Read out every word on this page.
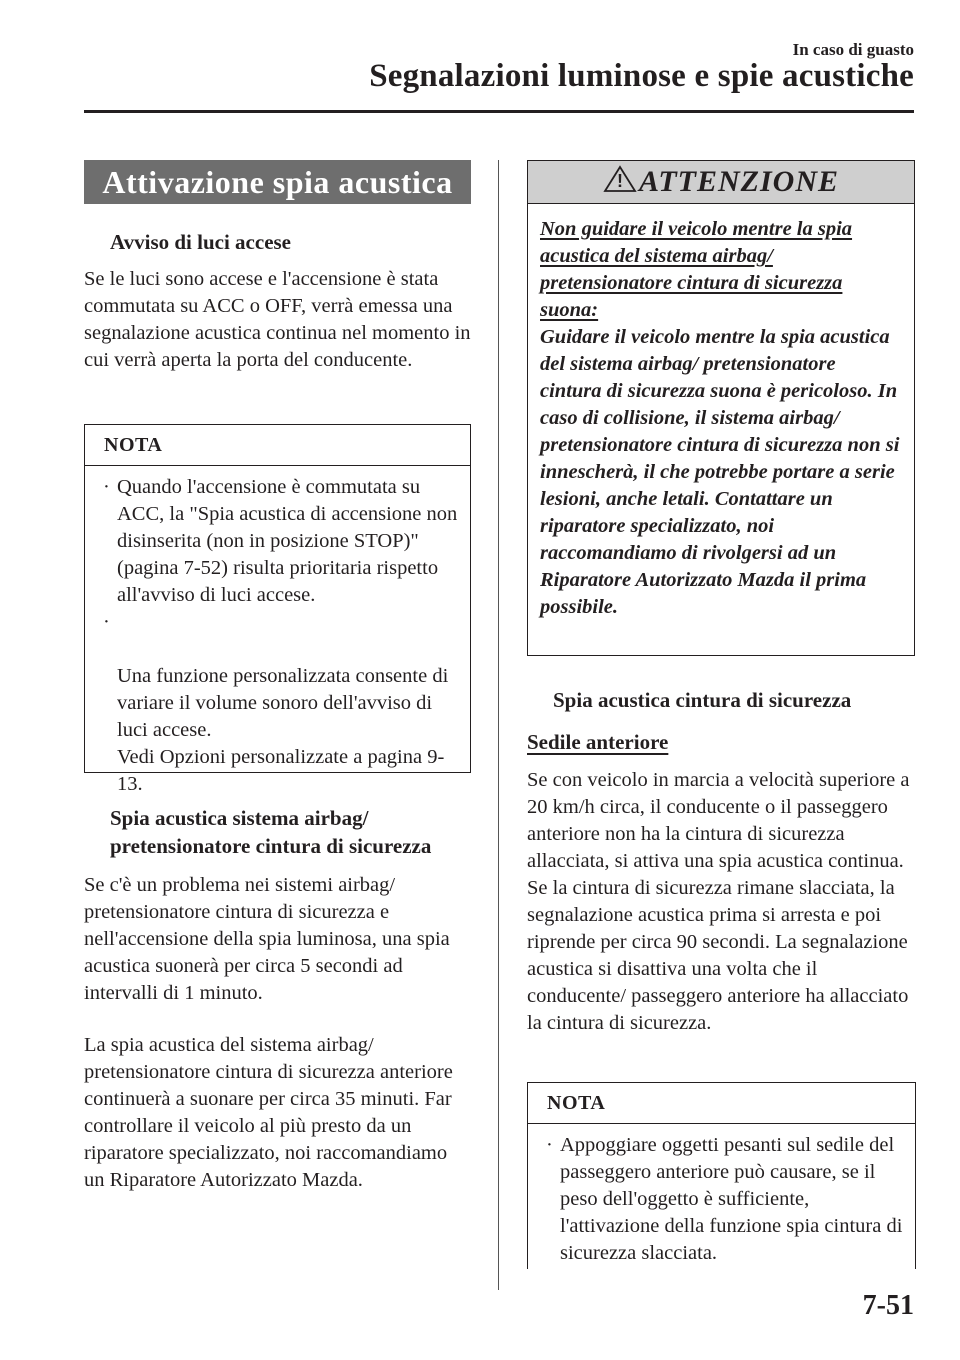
In caso di guasto
Segnalazioni luminose e spie acustiche
Attivazione spia acustica
Avviso di luci accese
Se le luci sono accese e l'accensione è stata commutata su ACC o OFF, verrà emessa una segnalazione acustica continua nel momento in cui verrà aperta la porta del conducente.
NOTA
· Quando l'accensione è commutata su ACC, la "Spia acustica di accensione non disinserita (non in posizione STOP)" (pagina 7-52) risulta prioritaria rispetto all'avviso di luci accese.

·

Una funzione personalizzata consente di variare il volume sonoro dell'avviso di luci accese.
Vedi Opzioni personalizzate a pagina 9-13.

Spia acustica sistema airbag/ pretensionatore cintura di sicurezza
Se c'è un problema nei sistemi airbag/ pretensionatore cintura di sicurezza e nell'accensione della spia luminosa, una spia acustica suonerà per circa 5 secondi ad intervalli di 1 minuto.
La spia acustica del sistema airbag/ pretensionatore cintura di sicurezza anteriore continuerà a suonare per circa 35 minuti. Far controllare il veicolo al più presto da un riparatore specializzato, noi raccomandiamo un Riparatore Autorizzato Mazda.
! ATTENZIONE
Non guidare il veicolo mentre la spia acustica del sistema airbag/ pretensionatore cintura di sicurezza suona:
Guidare il veicolo mentre la spia acustica del sistema airbag/ pretensionatore cintura di sicurezza suona è pericoloso. In caso di collisione, il sistema airbag/ pretensionatore cintura di sicurezza non si innescherà, il che potrebbe portare a serie lesioni, anche letali. Contattare un riparatore specializzato, noi raccomandiamo di rivolgersi ad un Riparatore Autorizzato Mazda il prima possibile.
Spia acustica cintura di sicurezza
Sedile anteriore
Se con veicolo in marcia a velocità superiore a 20 km/h circa, il conducente o il passeggero anteriore non ha la cintura di sicurezza allacciata, si attiva una spia acustica continua. Se la cintura di sicurezza rimane slacciata, la segnalazione acustica prima si arresta e poi riprende per circa 90 secondi. La segnalazione acustica si disattiva una volta che il conducente/ passeggero anteriore ha allacciato la cintura di sicurezza.
NOTA
· Appoggiare oggetti pesanti sul sedile del passeggero anteriore può causare, se il peso dell'oggetto è sufficiente, l'attivazione della funzione spia cintura di sicurezza slacciata.
7-51
